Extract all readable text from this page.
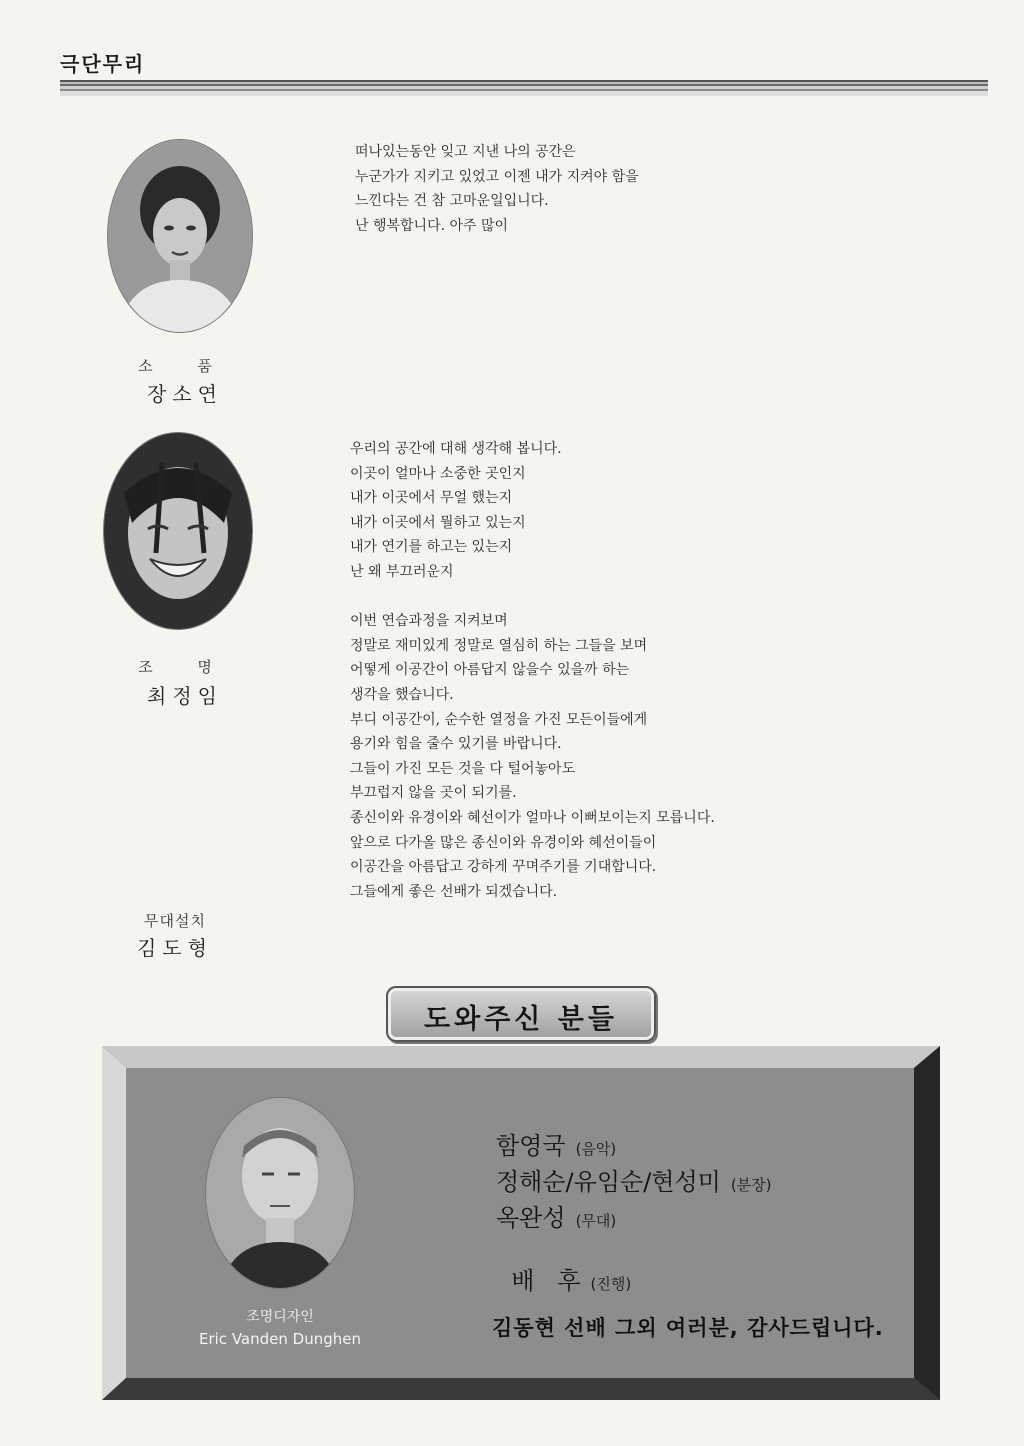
극단무리
소 품
장소연

떠나있는동안 잊고 지낸 나의 공간은

누군가가 지키고 있었고 이젠 내가 지켜야 함을

느낀다는 건 참 고마운일입니다.

난 행복합니다. 아주 많이

조 명
최정임

우리의 공간에 대해 생각해 봅니다.

이곳이 얼마나 소중한 곳인지

내가 이곳에서 무얼 했는지

내가 이곳에서 뭘하고 있는지

내가 연기를 하고는 있는지

난 왜 부끄러운지

이번 연습과정을 지켜보며

정말로 재미있게 정말로 열심히 하는 그들을 보며

어떻게 이공간이 아름답지 않을수 있을까 하는

생각을 했습니다.

부디 이공간이, 순수한 열정을 가진 모든이들에게

용기와 힘을 줄수 있기를 바랍니다.

그들이 가진 모든 것을 다 털어놓아도

부끄럽지 않을 곳이 되기를.

종신이와 유경이와 혜선이가 얼마나 이뻐보이는지 모릅니다.

앞으로 다가올 많은 종신이와 유경이와 혜선이들이

이공간을 아름답고 강하게 꾸며주기를 기대합니다.

그들에게 좋은 선배가 되겠습니다.

무대설치
김도형
도와주신 분들
조명디자인
Eric Vanden Dunghen
함영국 (음악)
정해순/유임순/현성미 (분장)
옥완성 (무대)

배   후 (진행)

김동현 선배 그외 여러분, 감사드립니다.
